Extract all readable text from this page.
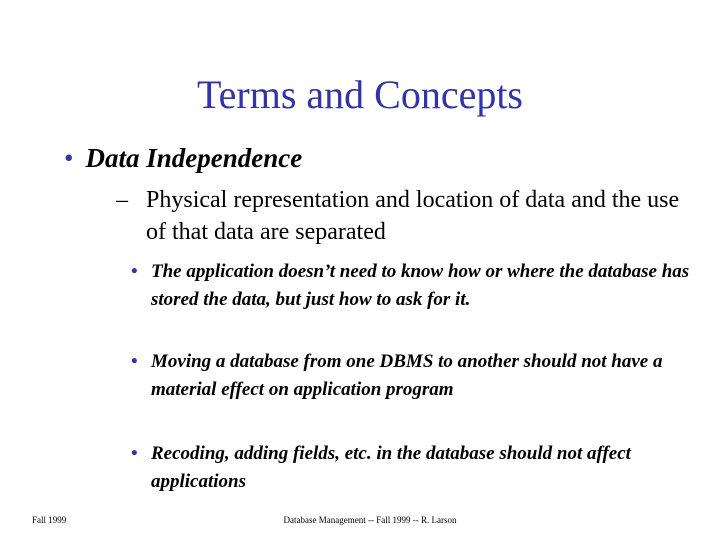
Terms and Concepts
• Data Independence
– Physical representation and location of data and the use of that data are separated
• The application doesn’t need to know how or where the database has stored the data, but just how to ask for it.
• Moving a database from one DBMS to another should not have a material effect on application program
• Recoding, adding fields, etc. in the database should not affect applications
Fall 1999	Database Management -- Fall 1999 -- R. Larson
